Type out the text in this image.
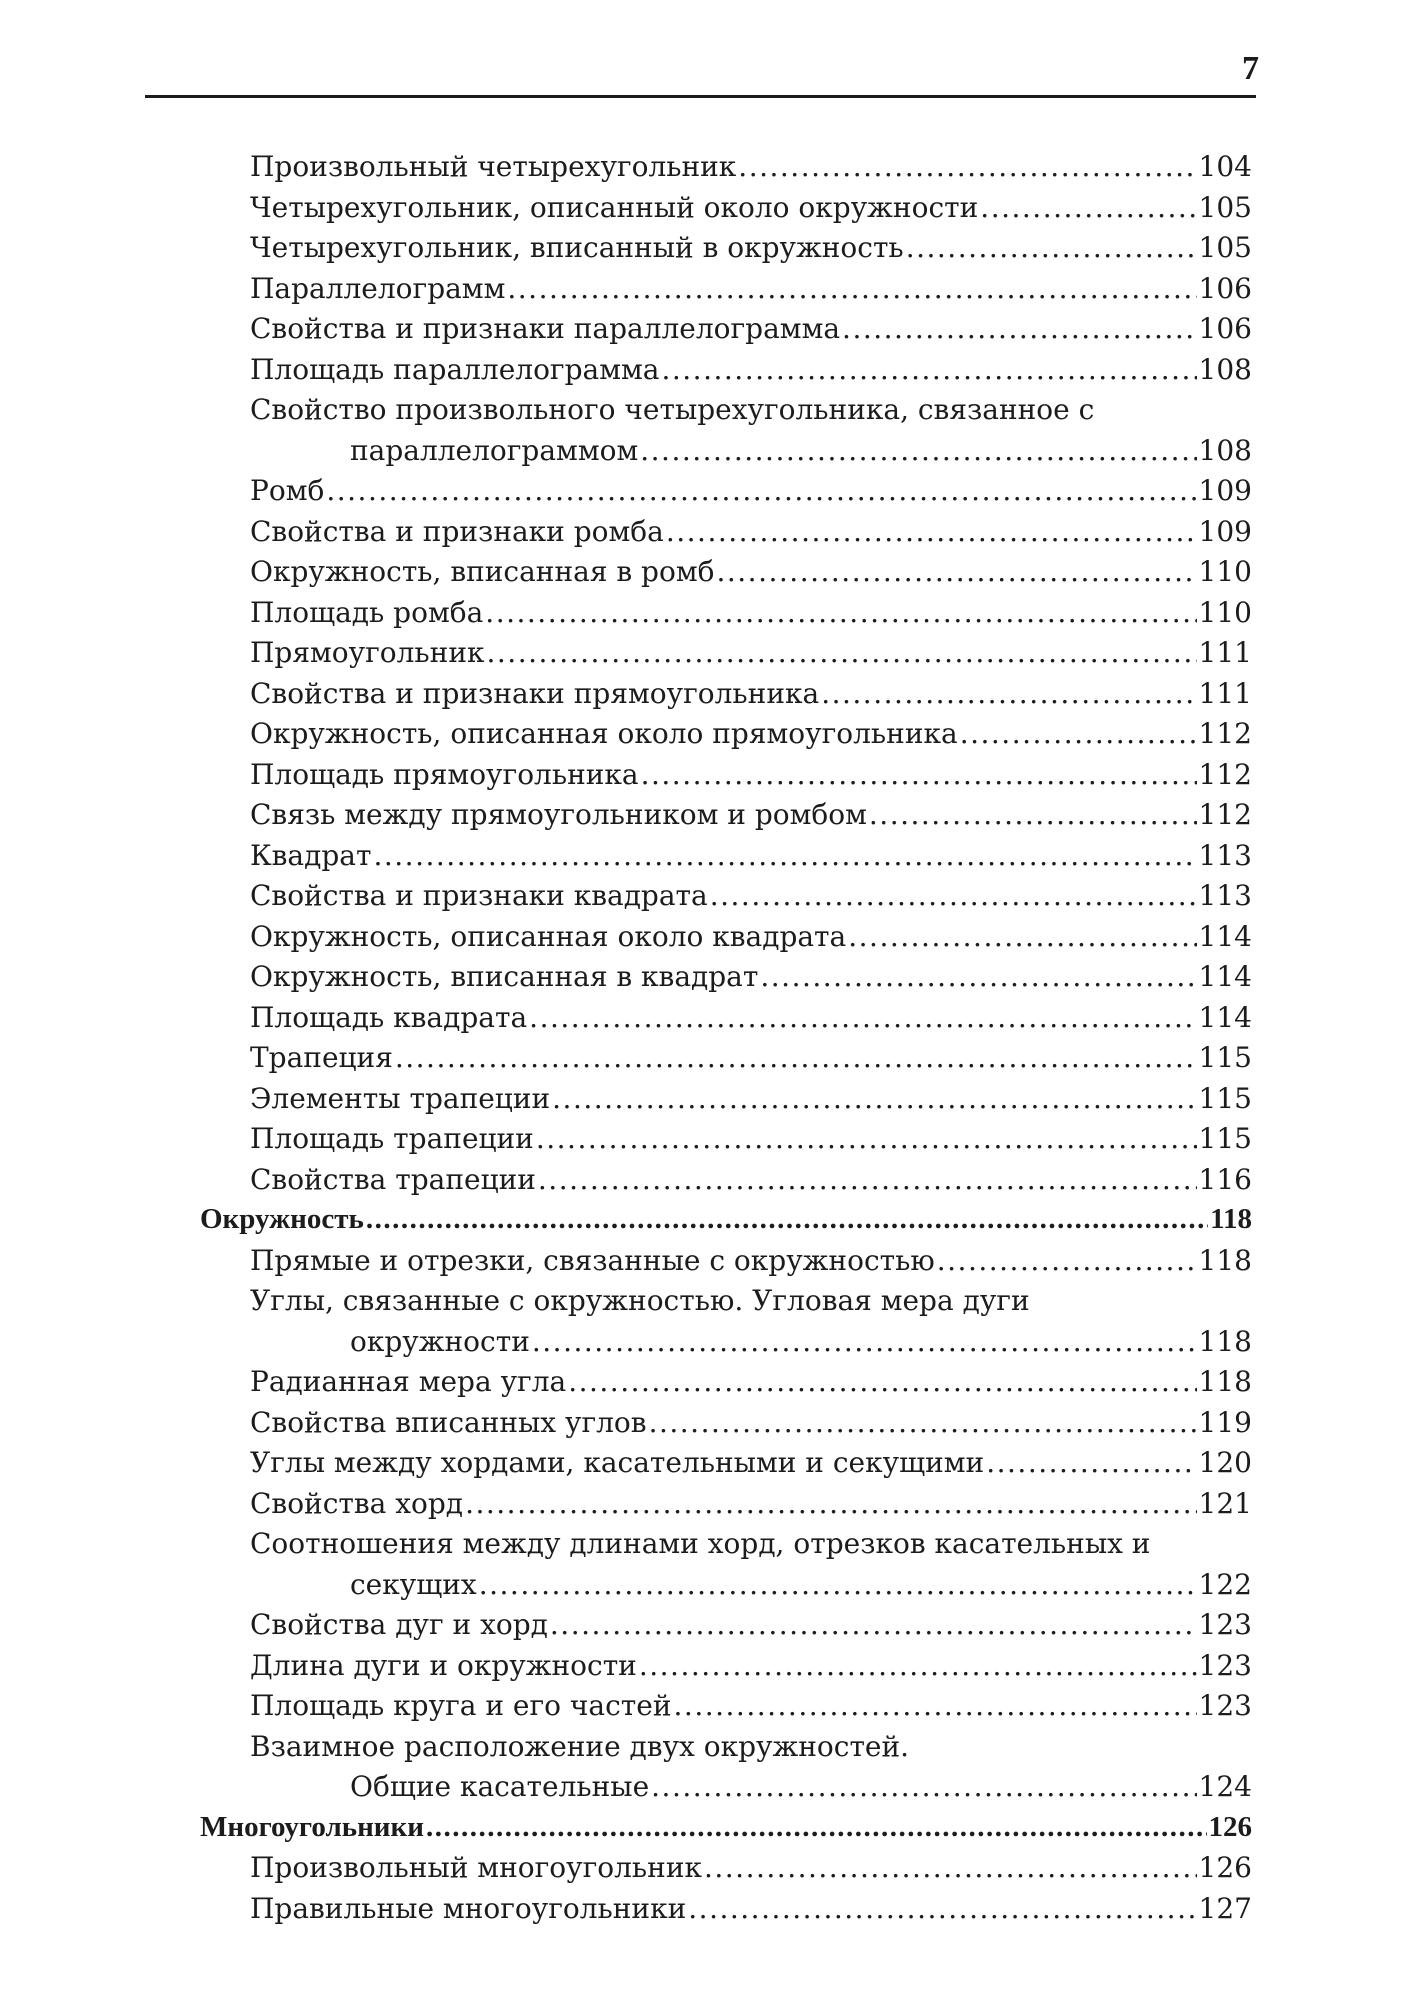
7
Произвольный четырехугольник .....	104
Четырехугольник, описанный около окружности .....	105
Четырехугольник, вписанный в окружность .....	105
Параллелограмм .....	106
Свойства и признаки параллелограмма .....	106
Площадь параллелограмма .....	108
Свойство произвольного четырехугольника, связанное с
параллелограммом .....	108
Ромб .....	109
Свойства и признаки ромба .....	109
Окружность, вписанная в ромб .....	110
Площадь ромба .....	110
Прямоугольник .....	111
Свойства и признаки прямоугольника .....	111
Окружность, описанная около прямоугольника .....	112
Площадь прямоугольника .....	112
Связь между прямоугольником и ромбом .....	112
Квадрат .....	113
Свойства и признаки квадрата .....	113
Окружность, описанная около квадрата .....	114
Окружность, вписанная в квадрат .....	114
Площадь квадрата .....	114
Трапеция .....	115
Элементы трапеции .....	115
Площадь трапеции .....	115
Свойства трапеции .....	116
Окружность .....	118
Прямые и отрезки, связанные с окружностью .....	118
Углы, связанные с окружностью. Угловая мера дуги
окружности .....	118
Радианная мера угла .....	118
Свойства вписанных углов .....	119
Углы между хордами, касательными и секущими .....	120
Свойства хорд .....	121
Соотношения между длинами хорд, отрезков касательных и
секущих .....	122
Свойства дуг и хорд .....	123
Длина дуги и окружности .....	123
Площадь круга и его частей .....	123
Взаимное расположение двух окружностей.
Общие касательные .....	124
Многоугольники .....	126
Произвольный многоугольник .....	126
Правильные многоугольники .....	127
